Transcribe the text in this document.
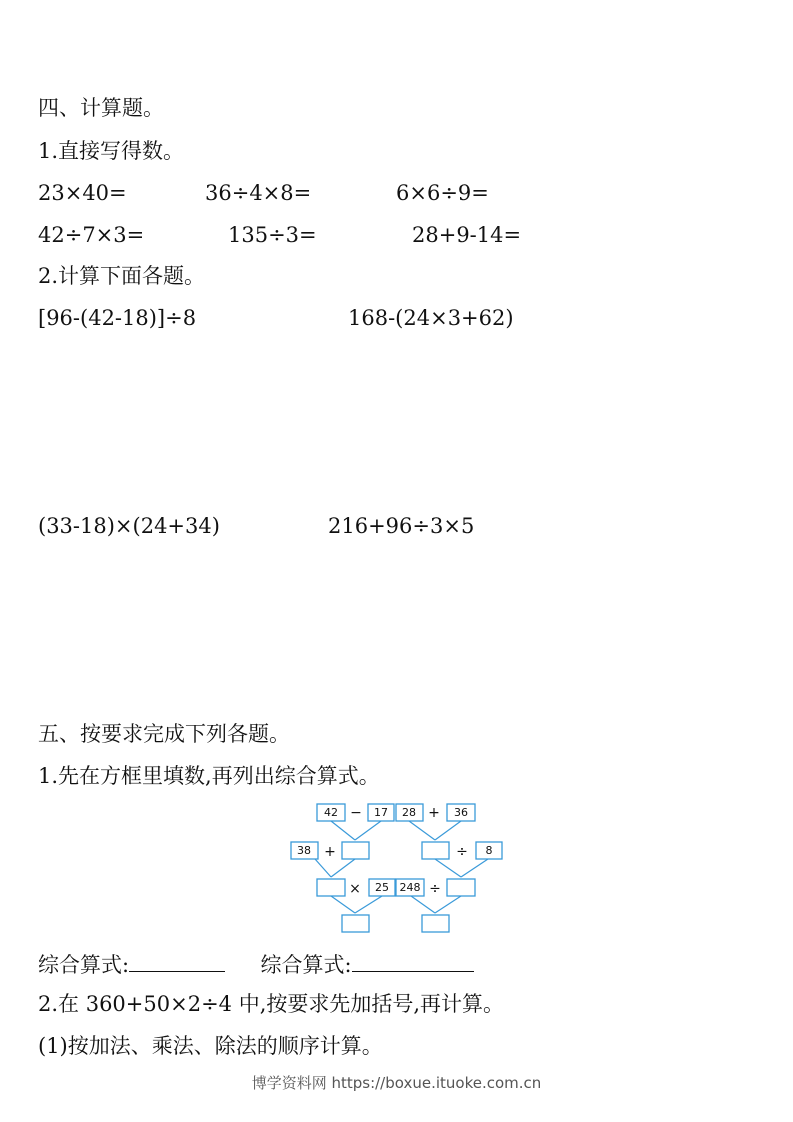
四、计算题。
1.直接写得数。
23×40=	36÷4×8=	6×6÷9=
42÷7×3=	135÷3=	28+9-14=
2.计算下面各题。
[96-(42-18)]÷8	168-(24×3+62)
(33-18)×(24+34)	216+96÷3×5
五、按要求完成下列各题。
1.先在方框里填数,再列出综合算式。
42 − 17
38 +
× 25
28 + 36
÷ 8
248 ÷
综合算式:	综合算式:
2.在 360+50×2÷4 中,按要求先加括号,再计算。
(1)按加法、乘法、除法的顺序计算。
博学资料网 https://boxue.ituoke.com.cn
